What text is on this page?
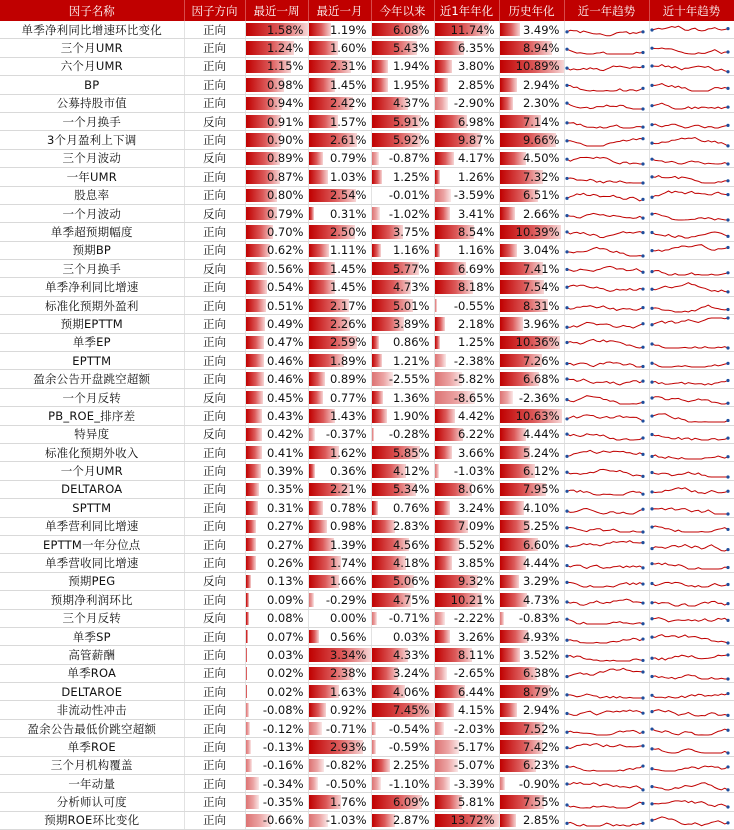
因子名称	因子方向	最近一周	最近一月	今年以来	近1年年化	历史年化	近一年趋势	近十年趋势
单季净利同比增速环比变化	正向	1.58%	1.19%	6.08%	11.74%	3.49%	

三个月UMR	正向	1.24%	1.60%	5.43%	6.35%	8.94%	

六个月UMR	正向	1.15%	2.31%	1.94%	3.80%	10.89%	

BP	正向	0.98%	1.45%	1.95%	2.85%	2.94%	

公募持股市值	正向	0.94%	2.42%	4.37%	-2.90%	2.30%	

一个月换手	反向	0.91%	1.57%	5.91%	6.98%	7.14%	

3个月盈利上下调	正向	0.90%	2.61%	5.92%	9.87%	9.66%	

三个月波动	反向	0.89%	0.79%	-0.87%	4.17%	4.50%	

一年UMR	正向	0.87%	1.03%	1.25%	1.26%	7.32%	

股息率	正向	0.80%	2.54%	-0.01%	-3.59%	6.51%	

一个月波动	反向	0.79%	0.31%	-1.02%	3.41%	2.66%	

单季超预期幅度	正向	0.70%	2.50%	3.75%	8.54%	10.39%	

预期BP	正向	0.62%	1.11%	1.16%	1.16%	3.04%	

三个月换手	反向	0.56%	1.45%	5.77%	6.69%	7.41%	

单季净利同比增速	正向	0.54%	1.45%	4.73%	8.18%	7.54%	

标准化预期外盈利	正向	0.51%	2.17%	5.01%	-0.55%	8.31%	

预期EPTTM	正向	0.49%	2.26%	3.89%	2.18%	3.96%	

单季EP	正向	0.47%	2.59%	0.86%	1.25%	10.36%	

EPTTM	正向	0.46%	1.89%	1.21%	-2.38%	7.26%	

盈余公告开盘跳空超额	正向	0.46%	0.89%	-2.55%	-5.82%	6.68%	

一个月反转	反向	0.45%	0.77%	1.36%	-8.65%	-2.36%	

PB_ROE_排序差	正向	0.43%	1.43%	1.90%	4.42%	10.63%	

特异度	反向	0.42%	-0.37%	-0.28%	6.22%	4.44%	

标准化预期外收入	正向	0.41%	1.62%	5.85%	3.66%	5.24%	

一个月UMR	正向	0.39%	0.36%	4.12%	-1.03%	6.12%	

DELTAROA	正向	0.35%	2.21%	5.34%	8.06%	7.95%	

SPTTM	正向	0.31%	0.78%	0.76%	3.24%	4.10%	

单季营利同比增速	正向	0.27%	0.98%	2.83%	7.09%	5.25%	

EPTTM一年分位点	正向	0.27%	1.39%	4.56%	5.52%	6.60%	

单季营收同比增速	正向	0.26%	1.74%	4.18%	3.85%	4.44%	

预期PEG	反向	0.13%	1.66%	5.06%	9.32%	3.29%	

预期净利润环比	正向	0.09%	-0.29%	4.75%	10.21%	4.73%	

三个月反转	反向	0.08%	0.00%	-0.71%	-2.22%	-0.83%	

单季SP	正向	0.07%	0.56%	0.03%	3.26%	4.93%	

高管薪酬	正向	0.03%	3.34%	4.33%	8.11%	3.52%	

单季ROA	正向	0.02%	2.38%	3.24%	-2.65%	6.38%	

DELTAROE	正向	0.02%	1.63%	4.06%	6.44%	8.79%	

非流动性冲击	正向	-0.08%	0.92%	7.45%	4.15%	2.94%	

盈余公告最低价跳空超额	正向	-0.12%	-0.71%	-0.54%	-2.03%	7.52%	

单季ROE	正向	-0.13%	2.93%	-0.59%	-5.17%	7.42%	

三个月机构覆盖	正向	-0.16%	-0.82%	2.25%	-5.07%	6.23%	

一年动量	正向	-0.34%	-0.50%	-1.10%	-3.39%	-0.90%	

分析师认可度	正向	-0.35%	1.76%	6.09%	5.81%	7.55%	

预期ROE环比变化	正向	-0.66%	-1.03%	2.87%	13.72%	2.85%	
